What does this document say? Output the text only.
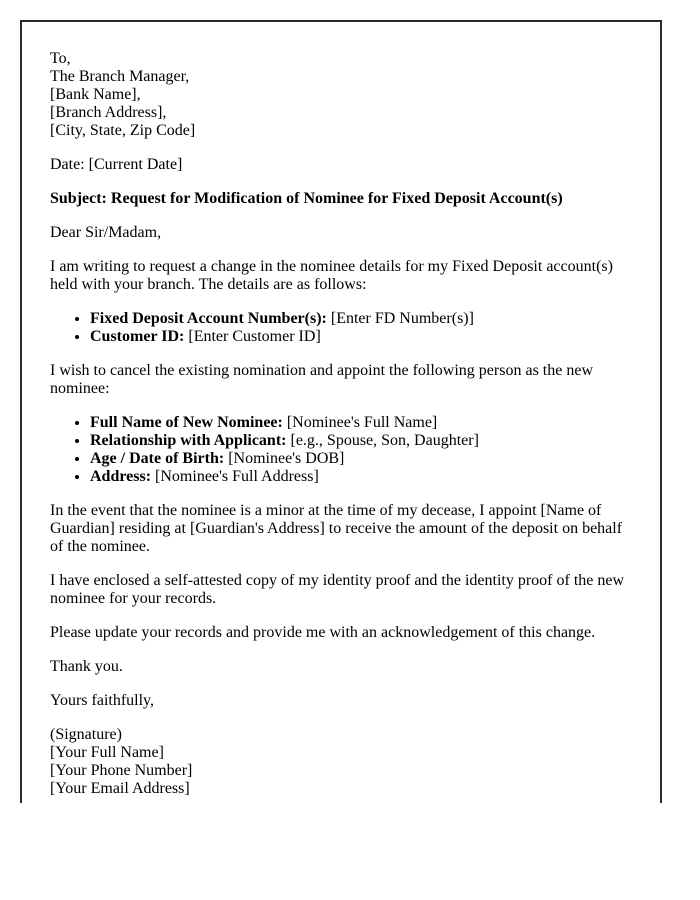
To,
The Branch Manager,
[Bank Name],
[Branch Address],
[City, State, Zip Code]

Date: [Current Date]

Subject: Request for Modification of Nominee for Fixed Deposit Account(s)

Dear Sir/Madam,

I am writing to request a change in the nominee details for my Fixed Deposit account(s) held with your branch. The details are as follows:

• Fixed Deposit Account Number(s): [Enter FD Number(s)]
• Customer ID: [Enter Customer ID]

I wish to cancel the existing nomination and appoint the following person as the new nominee:

• Full Name of New Nominee: [Nominee's Full Name]
• Relationship with Applicant: [e.g., Spouse, Son, Daughter]
• Age / Date of Birth: [Nominee's DOB]
• Address: [Nominee's Full Address]

In the event that the nominee is a minor at the time of my decease, I appoint [Name of Guardian] residing at [Guardian's Address] to receive the amount of the deposit on behalf of the nominee.

I have enclosed a self-attested copy of my identity proof and the identity proof of the new nominee for your records.

Please update your records and provide me with an acknowledgement of this change.

Thank you.

Yours faithfully,

(Signature)
[Your Full Name]
[Your Phone Number]
[Your Email Address]
